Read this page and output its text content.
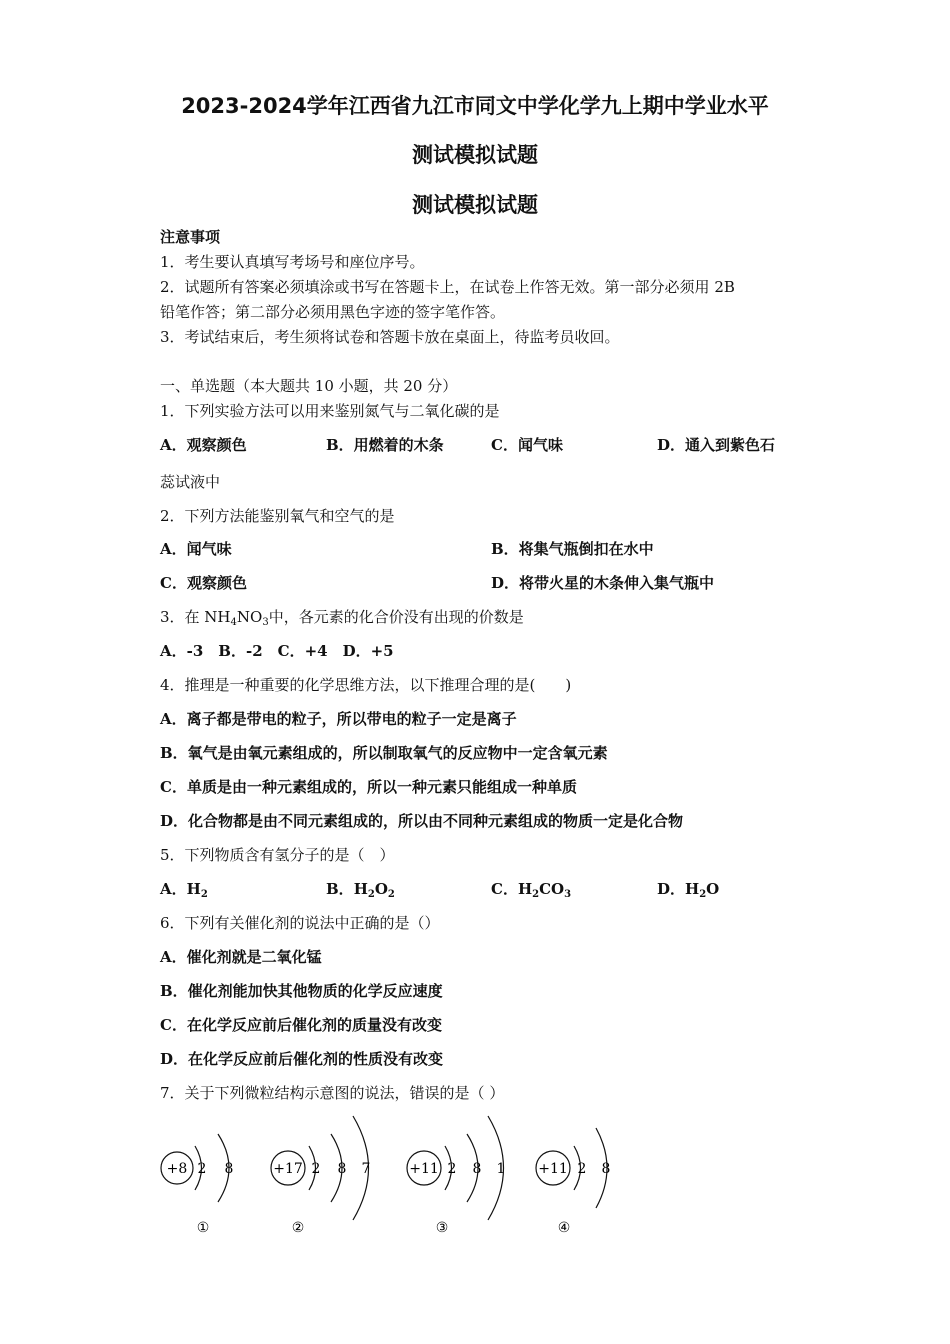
2023-2024学年江西省九江市同文中学化学九上期中学业水平
测试模拟试题
测试模拟试题
注意事项
1．考生要认真填写考场号和座位序号。
2．试题所有答案必须填涂或书写在答题卡上，在试卷上作答无效。第一部分必须用 2B
铅笔作答；第二部分必须用黑色字迹的签字笔作答。
3．考试结束后，考生须将试卷和答题卡放在桌面上，待监考员收回。
一、单选题（本大题共 10 小题，共 20 分）
1．下列实验方法可以用来鉴别氮气与二氧化碳的是
A．观察颜色	B．用燃着的木条	C．闻气味	D．通入到紫色石
蕊试液中
2．下列方法能鉴别氧气和空气的是
A．闻气味	B．将集气瓶倒扣在水中
C．观察颜色	D．将带火星的木条伸入集气瓶中
3．在 $NH_4NO_3$中，各元素的化合价没有出现的价数是
A．-3　B．-2　C．+4　D．+5
4．推理是一种重要的化学思维方法，以下推理合理的是(　　)
A．离子都是带电的粒子，所以带电的粒子一定是离子
B．氧气是由氧元素组成的，所以制取氧气的反应物中一定含氧元素
C．单质是由一种元素组成的，所以一种元素只能组成一种单质
D．化合物都是由不同元素组成的，所以由不同种元素组成的物质一定是化合物
5．下列物质含有氢分子的是（　）
A．$H_2$	B．$H_2O_2$	C．$H_2CO_3$	D．$H_2O$
6．下列有关催化剂的说法中正确的是（）
A．催化剂就是二氧化锰
B．催化剂能加快其他物质的化学反应速度
C．在化学反应前后催化剂的质量没有改变
D．在化学反应前后催化剂的性质没有改变
7．关于下列微粒结构示意图的说法，错误的是（ ）
+8 2 8
①
+17 2 8 7
②
+11 2 8 1
③
+11 2 8
④
